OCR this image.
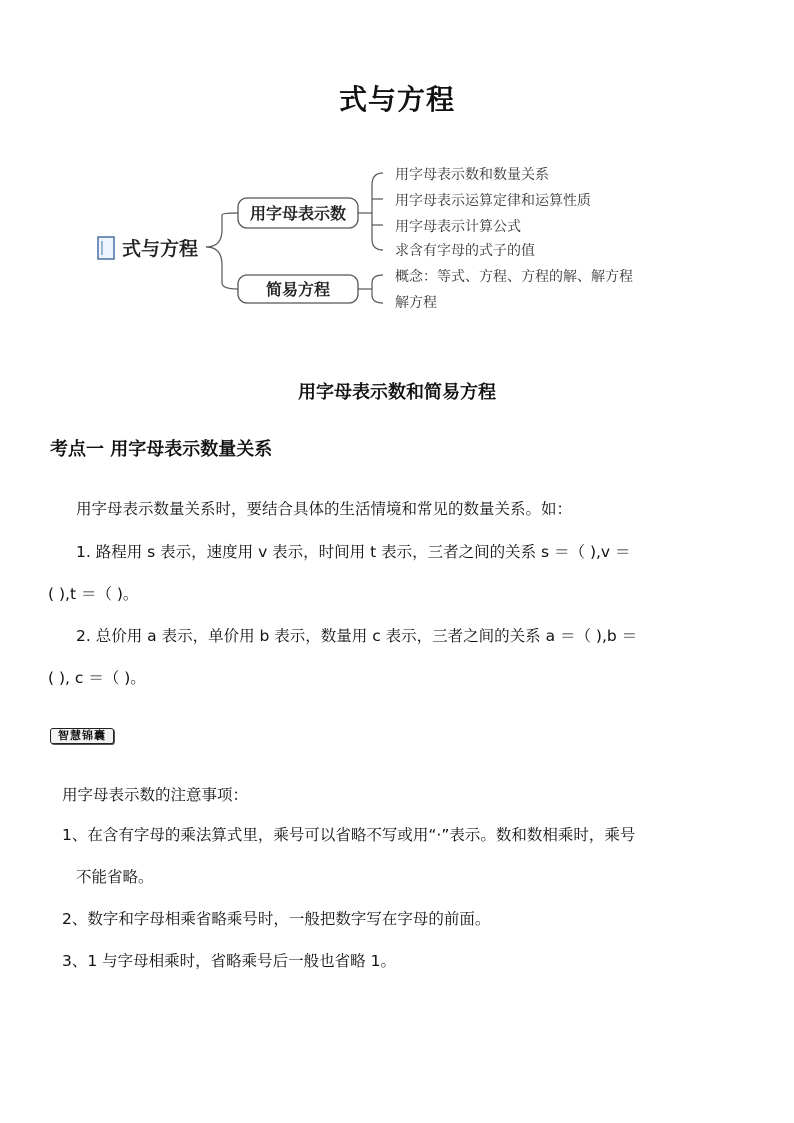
式与方程
式与方程
用字母表示数
简易方程
用字母表示数和数量关系
用字母表示运算定律和运算性质
用字母表示计算公式
求含有字母的式子的值
概念：等式、方程、方程的解、解方程
解方程
用字母表示数和简易方程
考点一 用字母表示数量关系
用字母表示数量关系时，要结合具体的生活情境和常见的数量关系。如：
1. 路程用 s 表示，速度用 v 表示，时间用 t 表示，三者之间的关系 s ＝（ ),v ＝
( ),t ＝（ )。
2. 总价用 a 表示，单价用 b 表示，数量用 c 表示，三者之间的关系 a ＝（ ),b ＝
( ), c ＝（ )。
智慧锦囊
用字母表示数的注意事项：
1、在含有字母的乘法算式里，乘号可以省略不写或用“·”表示。数和数相乘时，乘号
不能省略。
2、数字和字母相乘省略乘号时，一般把数字写在字母的前面。
3、1 与字母相乘时，省略乘号后一般也省略 1。
